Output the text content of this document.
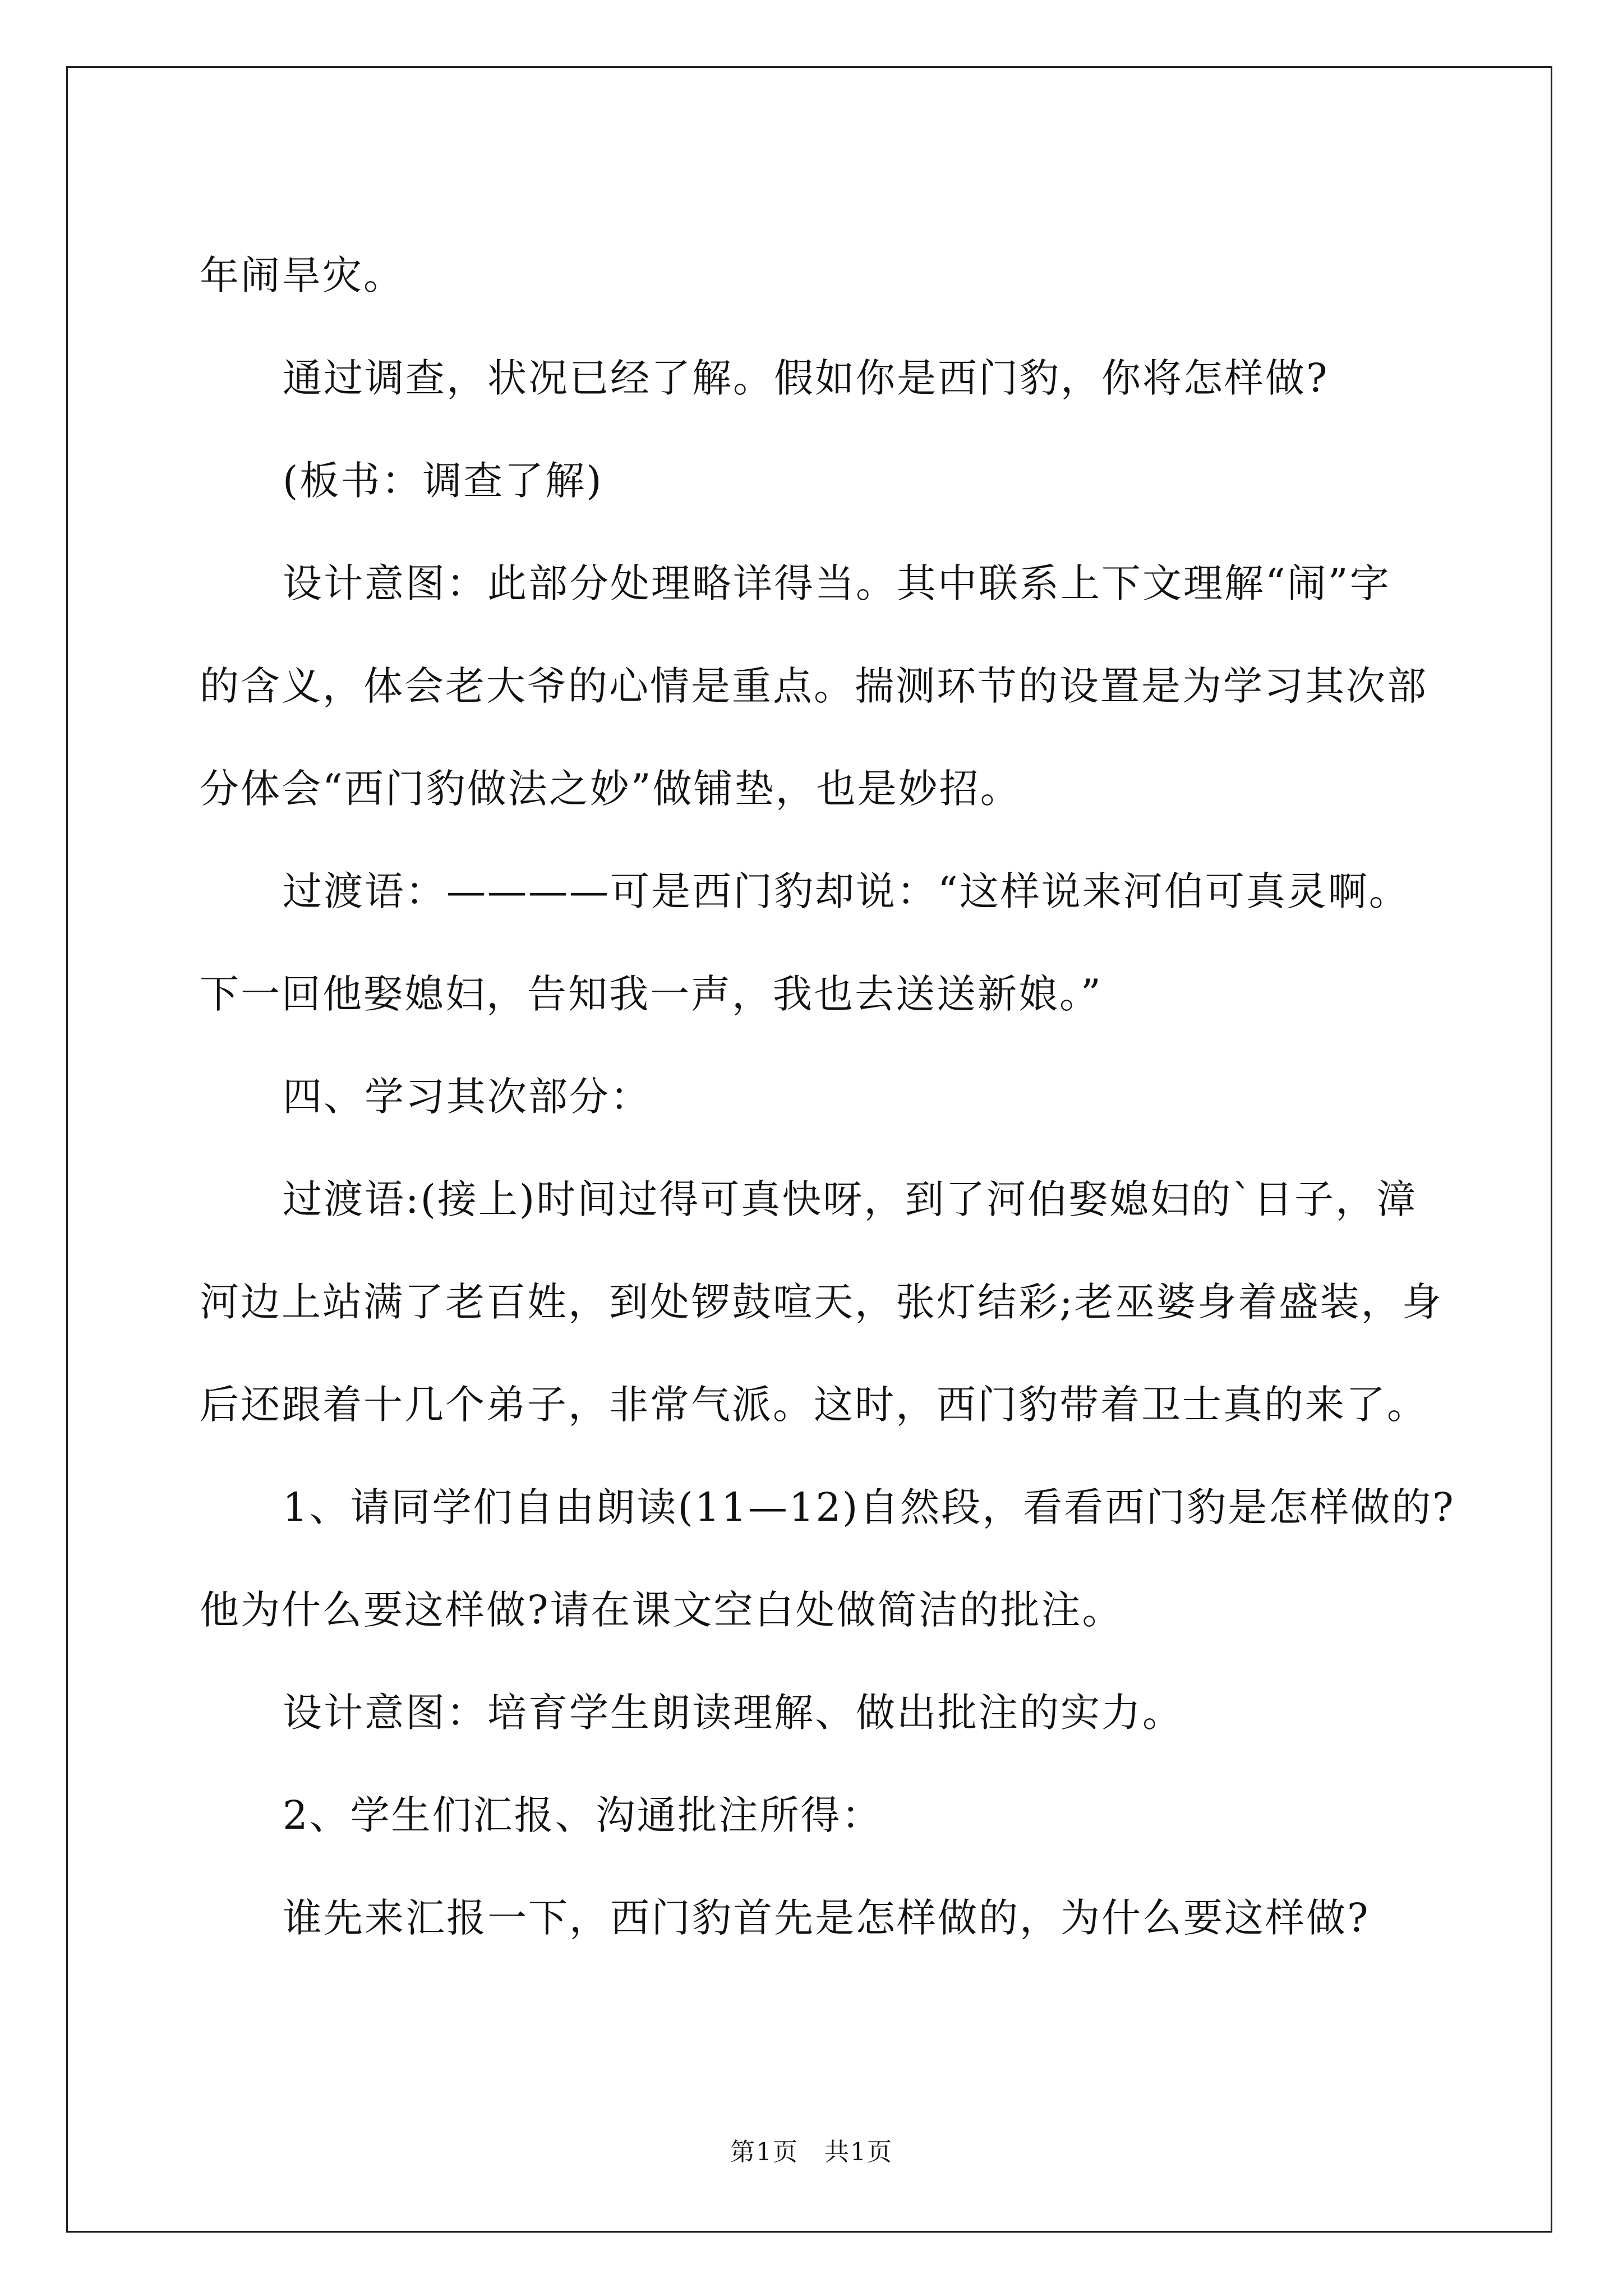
年闹旱灾。

通过调查，状况已经了解。假如你是西门豹，你将怎样做?

(板书：调查了解)

设计意图：此部分处理略详得当。其中联系上下文理解“闹”字

的含义，体会老大爷的心情是重点。揣测环节的设置是为学习其次部

分体会“西门豹做法之妙”做铺垫，也是妙招。

过渡语：————可是西门豹却说：“这样说来河伯可真灵啊。

下一回他娶媳妇，告知我一声，我也去送送新娘。”

四、学习其次部分：

过渡语:(接上)时间过得可真快呀，到了河伯娶媳妇的`日子，漳

河边上站满了老百姓，到处锣鼓喧天，张灯结彩;老巫婆身着盛装，身

后还跟着十几个弟子，非常气派。这时，西门豹带着卫士真的来了。

1、请同学们自由朗读(11—12)自然段，看看西门豹是怎样做的?

他为什么要这样做?请在课文空白处做简洁的批注。

设计意图：培育学生朗读理解、做出批注的实力。

2、学生们汇报、沟通批注所得：

谁先来汇报一下，西门豹首先是怎样做的，为什么要这样做?

第1页　共1页
